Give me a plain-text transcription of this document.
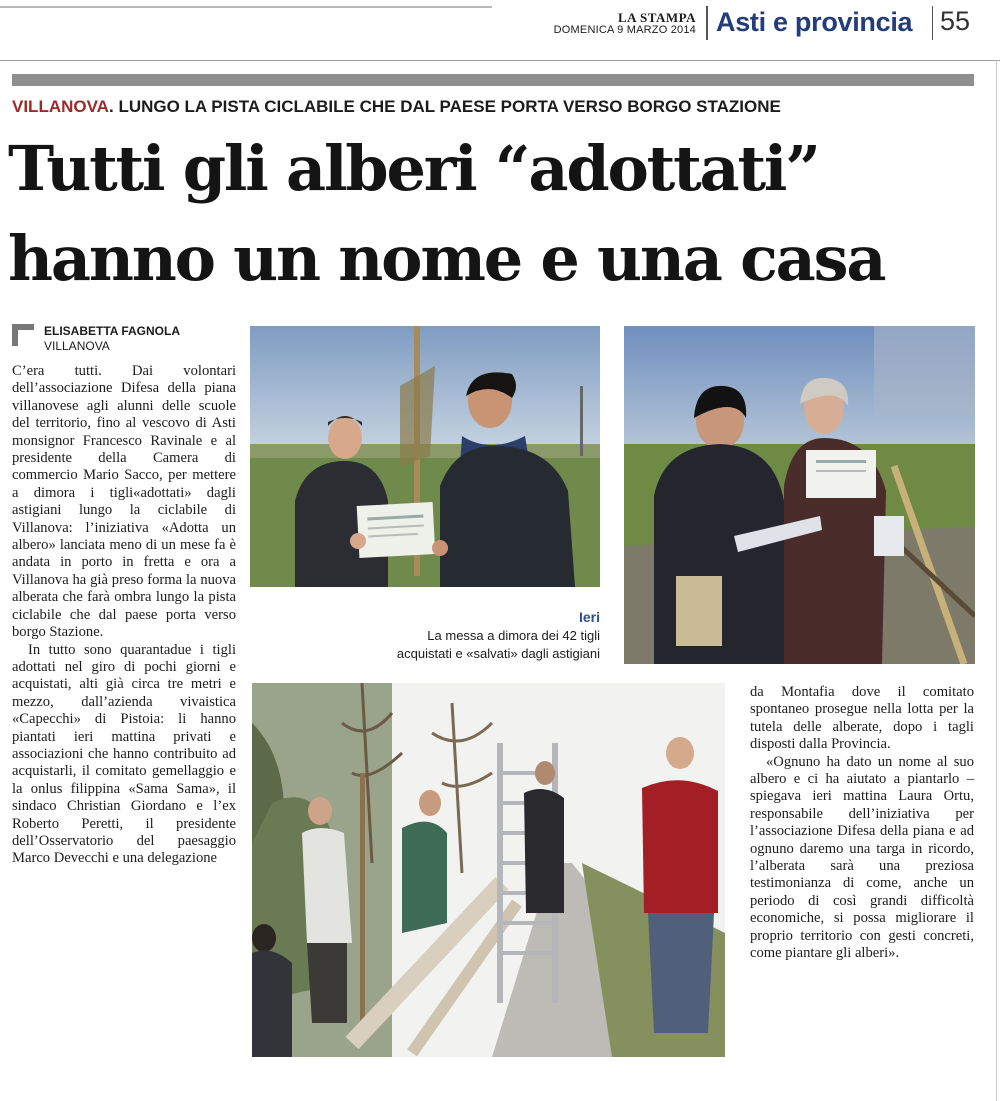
LA STAMPA
DOMENICA 9 MARZO 2014 Asti e provincia 55
VILLANOVA. LUNGO LA PISTA CICLABILE CHE DAL PAESE PORTA VERSO BORGO STAZIONE
Tutti gli alberi “adottati”
hanno un nome e una casa
ELISABETTA FAGNOLA
VILLANOVA

C’era tutti. Dai volontari dell’associazione Difesa della piana villanovese agli alunni delle scuole del territorio, fino al vescovo di Asti monsignor Francesco Ravinale e al presidente della Camera di commercio Mario Sacco, per mettere a dimora i tigli«adottati» dagli astigiani lungo la ciclabile di Villanova: l’iniziativa «Adotta un albero» lanciata meno di un mese fa è andata in porto in fretta e ora a Villanova ha già preso forma la nuova alberata che farà ombra lungo la pista ciclabile che dal paese porta verso borgo Stazione.

In tutto sono quarantadue i tigli adottati nel giro di pochi giorni e acquistati, alti già circa tre metri e mezzo, dall’azienda vivaistica «Capecchi» di Pistoia: li hanno piantati ieri mattina privati e associazioni che hanno contribuito ad acquistarli, il comitato gemellaggio e la onlus filippina «Sama Sama», il sindaco Christian Giordano e l’ex Roberto Peretti, il presidente dell’Osservatorio del paesaggio Marco Devecchi e una delegazione

Ieri
La messa a dimora dei 42 tigli
acquistati e «salvati» dagli astigiani

da Montafia dove il comitato spontaneo prosegue nella lotta per la tutela delle alberate, dopo i tagli disposti dalla Provincia.

«Ognuno ha dato un nome al suo albero e ci ha aiutato a piantarlo – spiegava ieri mattina Laura Ortu, responsabile dell’iniziativa per l’associazione Difesa della piana e ad ognuno daremo una targa in ricordo, l’alberata sarà una preziosa testimonianza di come, anche un periodo di così grandi difficoltà economiche, si possa migliorare il proprio territorio con gesti concreti, come piantare gli alberi».
